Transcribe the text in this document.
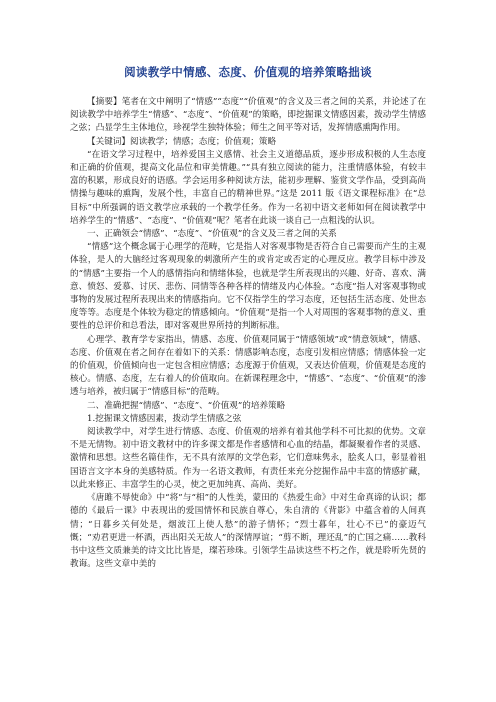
阅读教学中情感、态度、价值观的培养策略拙谈

【摘要】笔者在文中阐明了“情感”“态度”“价值观”的含义及三者之间的关系，并论述了在阅读教学中培养学生“情感”、“态度”、“价值观”的策略，即挖掘课文情感因素，拨动学生情感之弦；凸显学生主体地位，珍视学生独特体验；师生之间平等对话，发挥情感熏陶作用。

【关键词】阅读教学；情感；态度；价值观；策略

“在语文学习过程中，培养爱国主义感情、社会主义道德品质，逐步形成积极的人生态度和正确的价值观，提高文化品位和审美情趣。”“具有独立阅读的能力，注重情感体验，有较丰富的积累，形成良好的语感。学会运用多种阅读方法，能初步理解、鉴赏文学作品，受到高尚情操与趣味的熏陶，发展个性，丰富自己的精神世界。”这是 2011 版《语文课程标准》在“总目标”中所强调的语文教学应承载的一个教学任务。作为一名初中语文老师如何在阅读教学中培养学生的“情感”、“态度”、“价值观”呢？笔者在此谈一谈自己一点粗浅的认识。

一、正确领会“情感”、“态度”、“价值观”的含义及三者之间的关系

“情感”这个概念属于心理学的范畴，它是指人对客观事物是否符合自己需要而产生的主观体验，是人的大脑经过客观现象的刺激所产生的或肯定或否定的心理反应。教学目标中涉及的“情感”主要指一个人的感情指向和情绪体验，也就是学生所表现出的兴趣、好奇、喜欢、满意、愤怒、爱慕、讨厌、悲伤、同情等各种各样的情绪及内心体验。“态度”指人对客观事物或事物的发展过程所表现出来的情感指向。它不仅指学生的学习态度，还包括生活态度、处世态度等等。态度是个体较为稳定的情感倾向。“价值观”是指一个人对周围的客观事物的意义、重要性的总评价和总看法，即对客观世界所持的判断标准。

心理学、教育学专家指出，情感、态度、价值观同属于“情感领域”或“情意领域”，情感、态度、价值观在者之间存在着如下的关系：情感影响态度，态度引发相应情感；情感体验一定的价值观，价值倾向也一定包含相应情感；态度源于价值观，又表达价值观，价值观是态度的核心。情感、态度，左右着人的价值取向。在新课程理念中，“情感”、“态度”、“价值观”的渗透与培养，被归属于“情感目标”的范畴。

二、准确把握“情感”、“态度”、“价值观”的培养策略

1.挖掘课文情感因素，拨动学生情感之弦

阅读教学中，对学生进行情感、态度、价值观的培养有着其他学科不可比拟的优势。文章不是无情物。初中语文教材中的许多课文都是作者感情和心血的结晶，都凝聚着作者的灵感、激情和思想。这些名篇佳作，无不具有浓厚的文学色彩，它们意味隽永，脍炙人口，彰显着祖国语言文字本身的美感特质。作为一名语文教师，有责任来充分挖掘作品中丰富的情感扩藏，以此来修正、丰富学生的心灵，使之更加纯真、高尚、美好。

《唐雎不辱使命》中“将”与“相”的人性美，蒙田的《热爱生命》中对生命真谛的认识；都德的《最后一课》中表现出的爱国情怀和民族自尊心，朱自清的《背影》中蕴含着的人间真情；“日暮乡关何处是，烟波江上使人愁”的游子情怀；“烈士暮年，壮心不已”的豪迈气慨；“劝君更进一杯酒，西出阳关无故人”的深情厚谊；“剪不断，理还乱”的亡国之痛……教科书中这些文质兼美的诗文比比皆是，璨若珍珠。引领学生品读这些不朽之作，就是聆听先贤的教诲。这些文章中美的
